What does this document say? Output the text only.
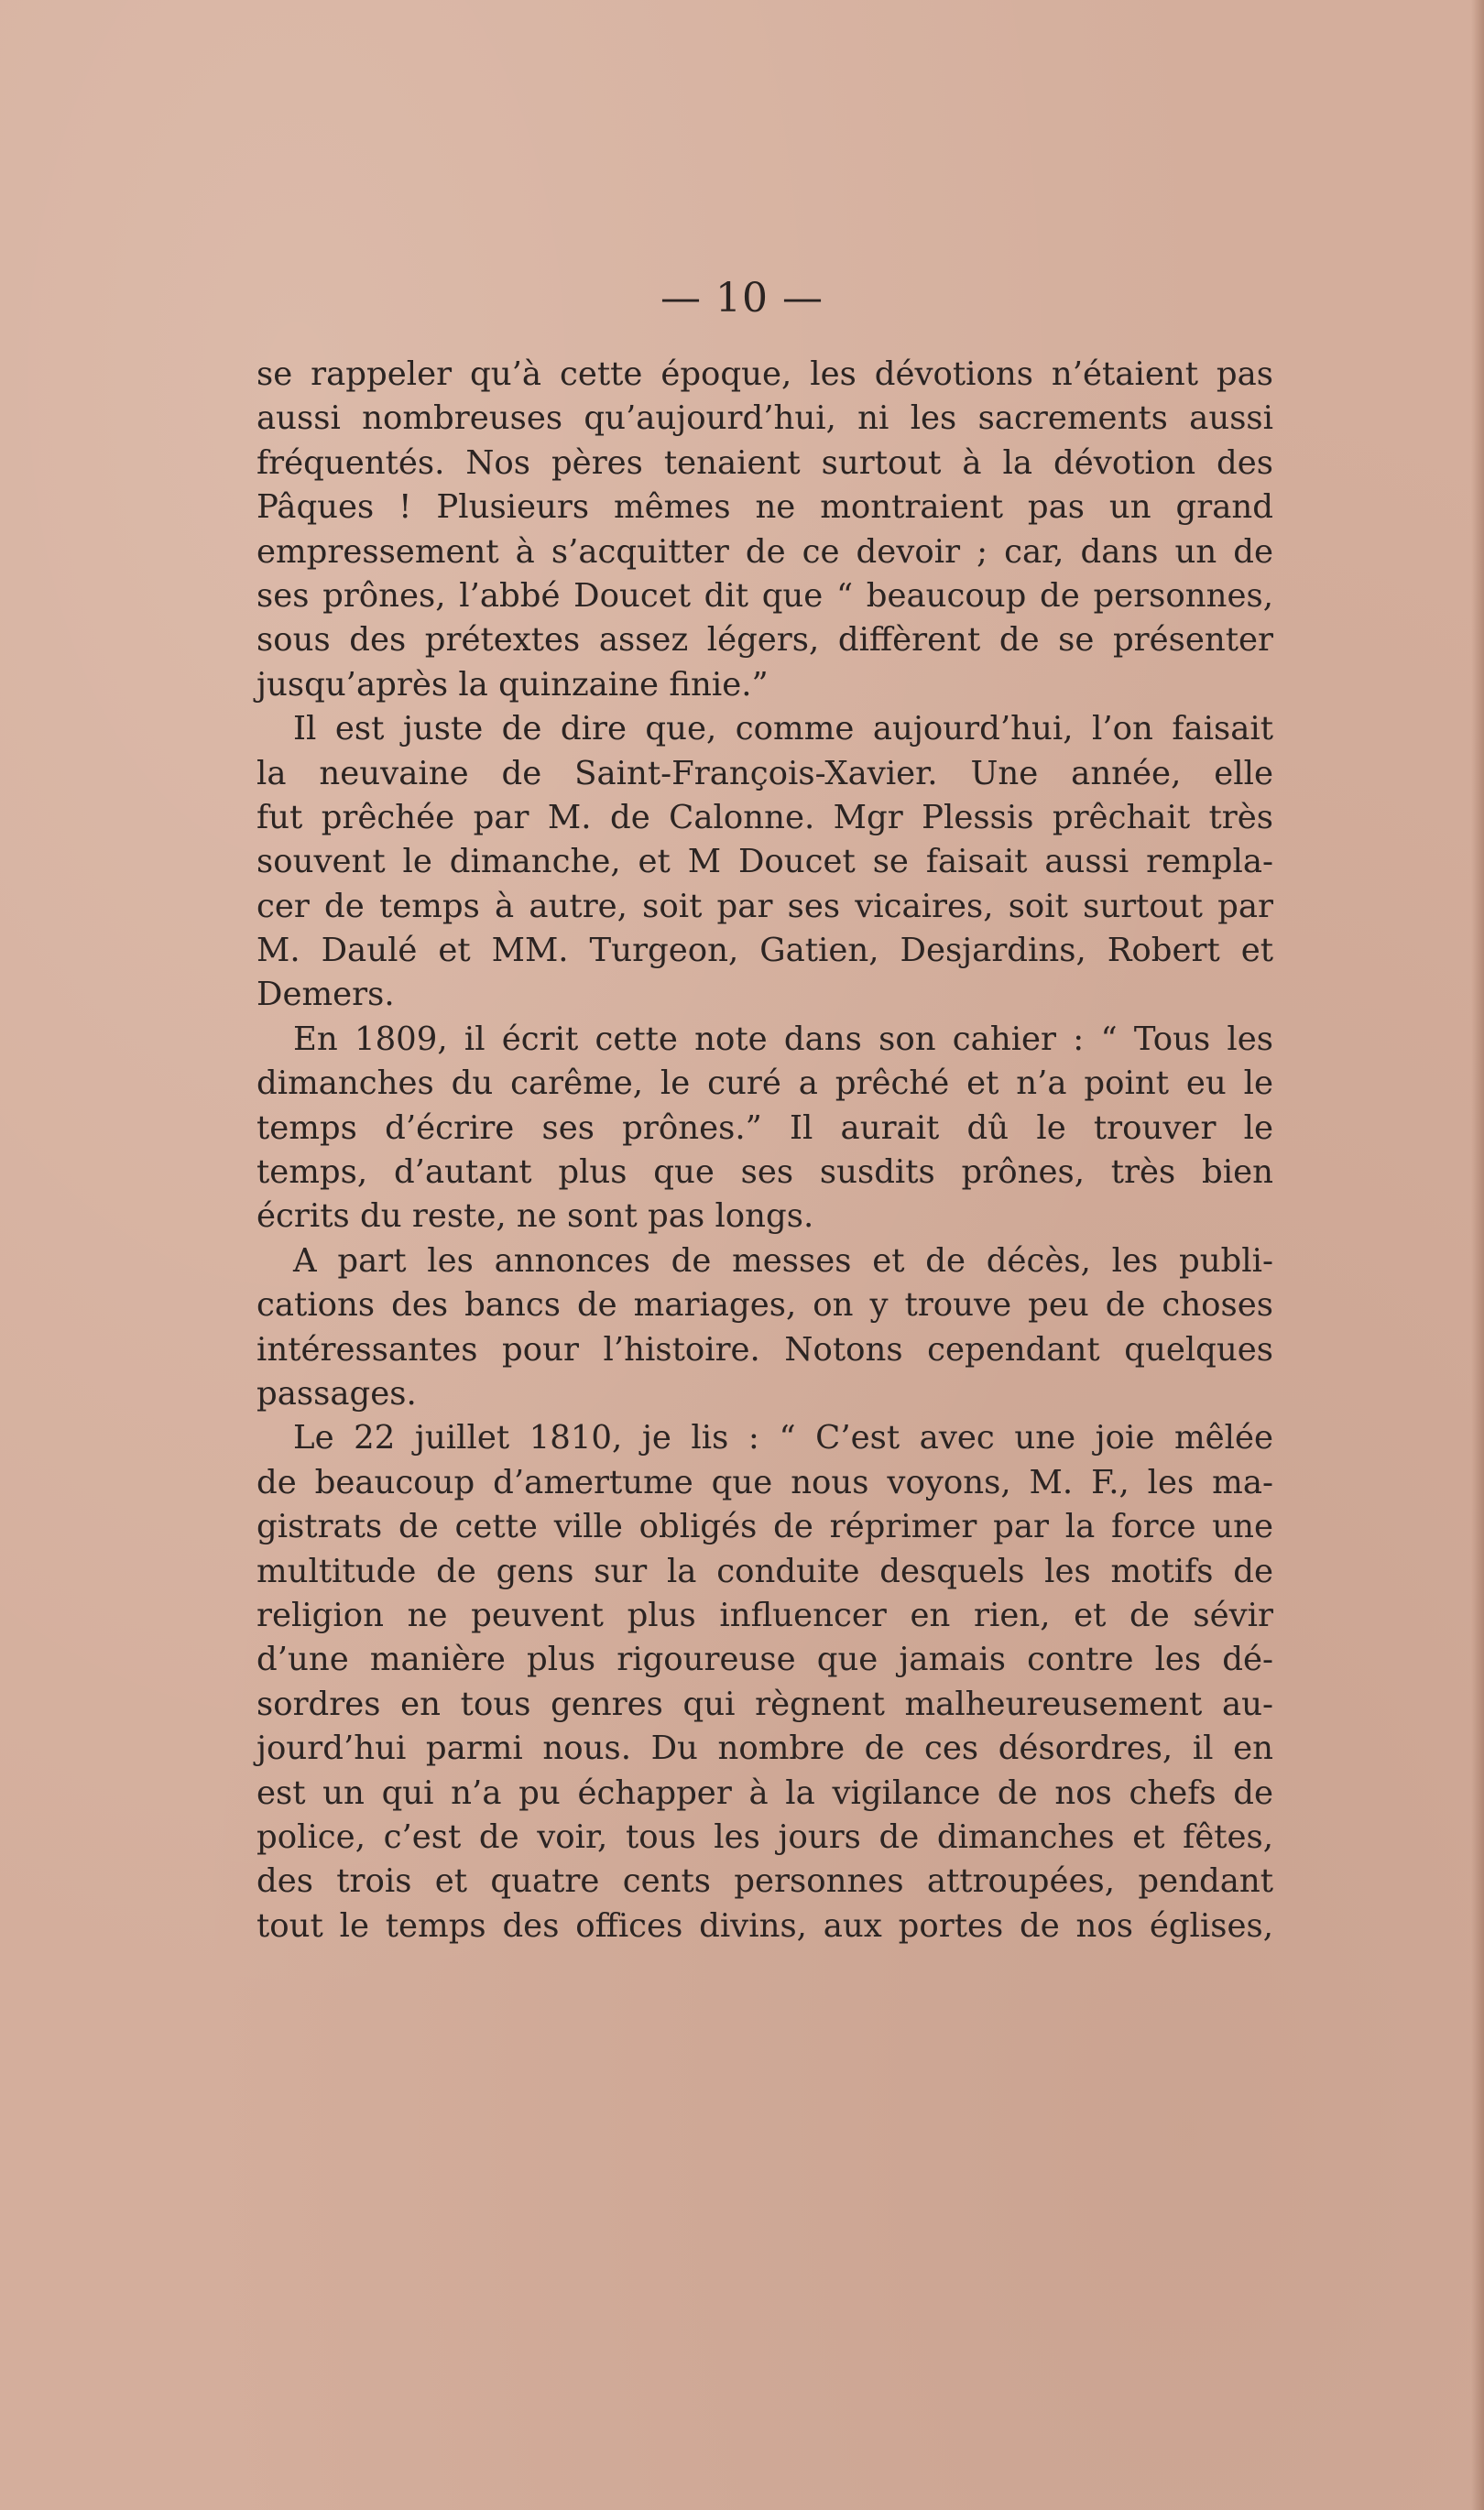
— 10 —

se rappeler qu’à cette époque, les dévotions n’étaient pas

aussi nombreuses qu’aujourd’hui, ni les sacrements aussi

fréquentés. Nos pères tenaient surtout à la dévotion des

Pâques ! Plusieurs mêmes ne montraient pas un grand

empressement à s’acquitter de ce devoir ; car, dans un de

ses prônes, l’abbé Doucet dit que “ beaucoup de personnes,

sous des prétextes assez légers, diffèrent de se présenter

jusqu’après la quinzaine finie.”

Il est juste de dire que, comme aujourd’hui, l’on faisait

la neuvaine de Saint-François-Xavier. Une année, elle

fut prêchée par M. de Calonne. Mgr Plessis prêchait très

souvent le dimanche, et M Doucet se faisait aussi rempla-

cer de temps à autre, soit par ses vicaires, soit surtout par

M. Daulé et MM. Turgeon, Gatien, Desjardins, Robert et

Demers.

En 1809, il écrit cette note dans son cahier : “ Tous les

dimanches du carême, le curé a prêché et n’a point eu le

temps d’écrire ses prônes.” Il aurait dû le trouver le

temps, d’autant plus que ses susdits prônes, très bien

écrits du reste, ne sont pas longs.

A part les annonces de messes et de décès, les publi-

cations des bancs de mariages, on y trouve peu de choses

intéressantes pour l’histoire. Notons cependant quelques

passages.

Le 22 juillet 1810, je lis : “ C’est avec une joie mêlée

de beaucoup d’amertume que nous voyons, M. F., les ma-

gistrats de cette ville obligés de réprimer par la force une

multitude de gens sur la conduite desquels les motifs de

religion ne peuvent plus influencer en rien, et de sévir

d’une manière plus rigoureuse que jamais contre les dé-

sordres en tous genres qui règnent malheureusement au-

jourd’hui parmi nous. Du nombre de ces désordres, il en

est un qui n’a pu échapper à la vigilance de nos chefs de

police, c’est de voir, tous les jours de dimanches et fêtes,

des trois et quatre cents personnes attroupées, pendant

tout le temps des offices divins, aux portes de nos églises,
